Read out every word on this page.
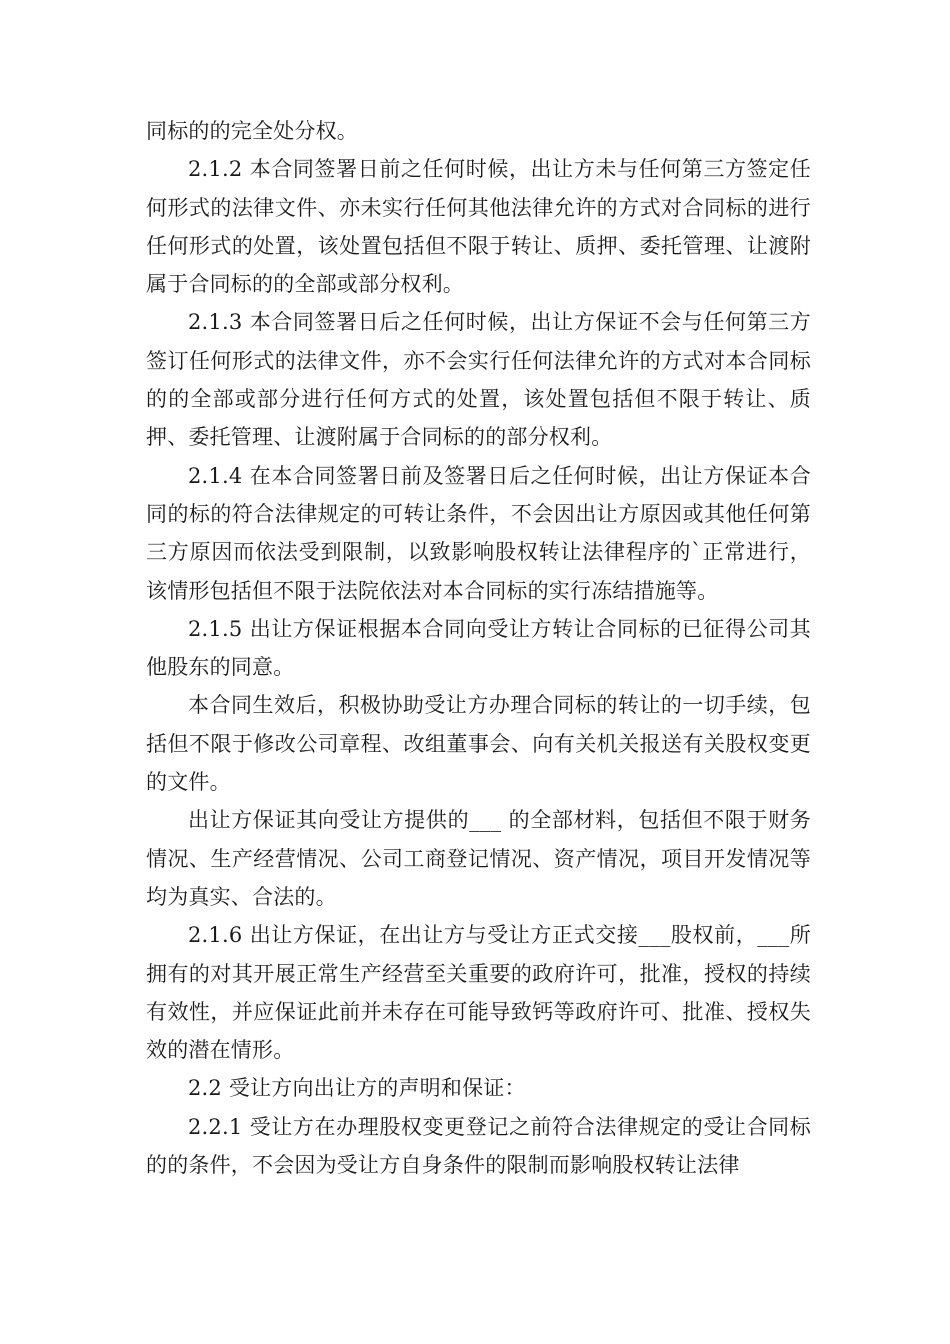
同标的的完全处分权。

2.1.2 本合同签署日前之任何时候，出让方未与任何第三方签定任何形式的法律文件、亦未实行任何其他法律允许的方式对合同标的进行任何形式的处置，该处置包括但不限于转让、质押、委托管理、让渡附属于合同标的的全部或部分权利。

2.1.3 本合同签署日后之任何时候，出让方保证不会与任何第三方签订任何形式的法律文件，亦不会实行任何法律允许的方式对本合同标的的全部或部分进行任何方式的处置，该处置包括但不限于转让、质押、委托管理、让渡附属于合同标的的部分权利。

2.1.4 在本合同签署日前及签署日后之任何时候，出让方保证本合同的标的符合法律规定的可转让条件，不会因出让方原因或其他任何第三方原因而依法受到限制，以致影响股权转让法律程序的`正常进行，该情形包括但不限于法院依法对本合同标的实行冻结措施等。

2.1.5 出让方保证根据本合同向受让方转让合同标的已征得公司其他股东的同意。

本合同生效后，积极协助受让方办理合同标的转让的一切手续，包括但不限于修改公司章程、改组董事会、向有关机关报送有关股权变更的文件。

出让方保证其向受让方提供的___ 的全部材料，包括但不限于财务情况、生产经营情况、公司工商登记情况、资产情况，项目开发情况等均为真实、合法的。

2.1.6 出让方保证，在出让方与受让方正式交接___股权前，___所拥有的对其开展正常生产经营至关重要的政府许可，批准，授权的持续有效性，并应保证此前并未存在可能导致钙等政府许可、批准、授权失效的潜在情形。

2.2 受让方向出让方的声明和保证：

2.2.1 受让方在办理股权变更登记之前符合法律规定的受让合同标的的条件，不会因为受让方自身条件的限制而影响股权转让法律
